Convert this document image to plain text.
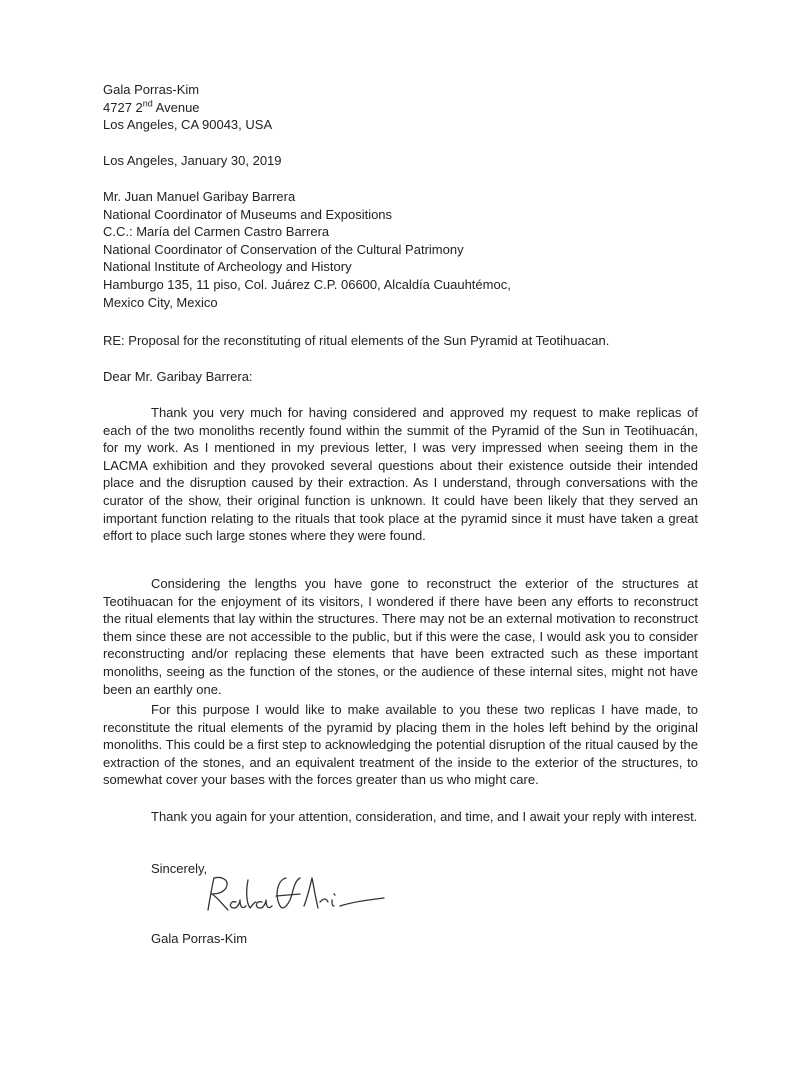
Gala Porras-Kim
4727 2nd Avenue
Los Angeles, CA 90043, USA
Los Angeles, January 30, 2019
Mr. Juan Manuel Garibay Barrera
National Coordinator of Museums and Expositions
C.C.: María del Carmen Castro Barrera
National Coordinator of Conservation of the Cultural Patrimony
National Institute of Archeology and History
Hamburgo 135, 11 piso, Col. Juárez C.P. 06600, Alcaldía Cuauhtémoc,
Mexico City, Mexico
RE: Proposal for the reconstituting of ritual elements of the Sun Pyramid at Teotihuacan.
Dear Mr. Garibay Barrera:

Thank you very much for having considered and approved my request to make replicas of each of the two monoliths recently found within the summit of the Pyramid of the Sun in Teotihuacán, for my work. As I mentioned in my previous letter, I was very impressed when seeing them in the LACMA exhibition and they provoked several questions about their existence outside their intended place and the disruption caused by their extraction. As I understand, through conversations with the curator of the show, their original function is unknown. It could have been likely that they served an important function relating to the rituals that took place at the pyramid since it must have taken a great effort to place such large stones where they were found.

Considering the lengths you have gone to reconstruct the exterior of the structures at Teotihuacan for the enjoyment of its visitors, I wondered if there have been any efforts to reconstruct the ritual elements that lay within the structures. There may not be an external motivation to reconstruct them since these are not accessible to the public, but if this were the case, I would ask you to consider reconstructing and/or replacing these elements that have been extracted such as these important monoliths, seeing as the function of the stones, or the audience of these internal sites, might not have been an earthly one.

For this purpose I would like to make available to you these two replicas I have made, to reconstitute the ritual elements of the pyramid by placing them in the holes left behind by the original monoliths. This could be a first step to acknowledging the potential disruption of the ritual caused by the extraction of the stones, and an equivalent treatment of the inside to the exterior of the structures, to somewhat cover your bases with the forces greater than us who might care.

Thank you again for your attention, consideration, and time, and I await your reply with interest.

Sincerely,
Gala Porras-Kim
